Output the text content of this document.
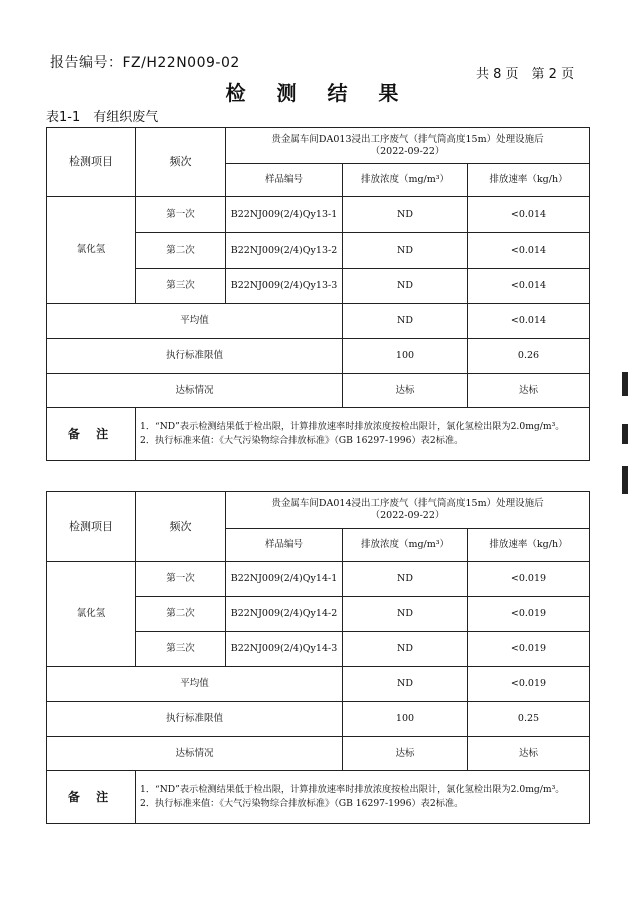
报告编号：FZ/H22N009-02
共 8 页　第 2 页
检 测 结 果
表1-1　有组织废气
检测项目	频次	贵金属车间DA013浸出工序废气（排气筒高度15m）处理设施后
（2022-09-22）		
		样品编号	排放浓度（mg/m³）	排放速率（kg/h）
氯化氢	第一次	B22NJ009(2/4)Qy13-1	ND	<0.014
	第二次	B22NJ009(2/4)Qy13-2	ND	<0.014
	第三次	B22NJ009(2/4)Qy13-3	ND	<0.014
平均值			ND	<0.014
执行标准限值			100	0.26
达标情况			达标	达标
备 注	1．“ND”表示检测结果低于检出限，计算排放速率时排放浓度按检出限计，氯化氢检出限为2.0mg/m³。
2．执行标准来值：《大气污染物综合排放标准》（GB 16297-1996）表2标准。			
检测项目	频次	贵金属车间DA014浸出工序废气（排气筒高度15m）处理设施后
（2022-09-22）		
		样品编号	排放浓度（mg/m³）	排放速率（kg/h）
氯化氢	第一次	B22NJ009(2/4)Qy14-1	ND	<0.019
	第二次	B22NJ009(2/4)Qy14-2	ND	<0.019
	第三次	B22NJ009(2/4)Qy14-3	ND	<0.019
平均值			ND	<0.019
执行标准限值			100	0.25
达标情况			达标	达标
备 注	1．“ND”表示检测结果低于检出限，计算排放速率时排放浓度按检出限计，氯化氢检出限为2.0mg/m³。
2．执行标准来值：《大气污染物综合排放标准》（GB 16297-1996）表2标准。			
